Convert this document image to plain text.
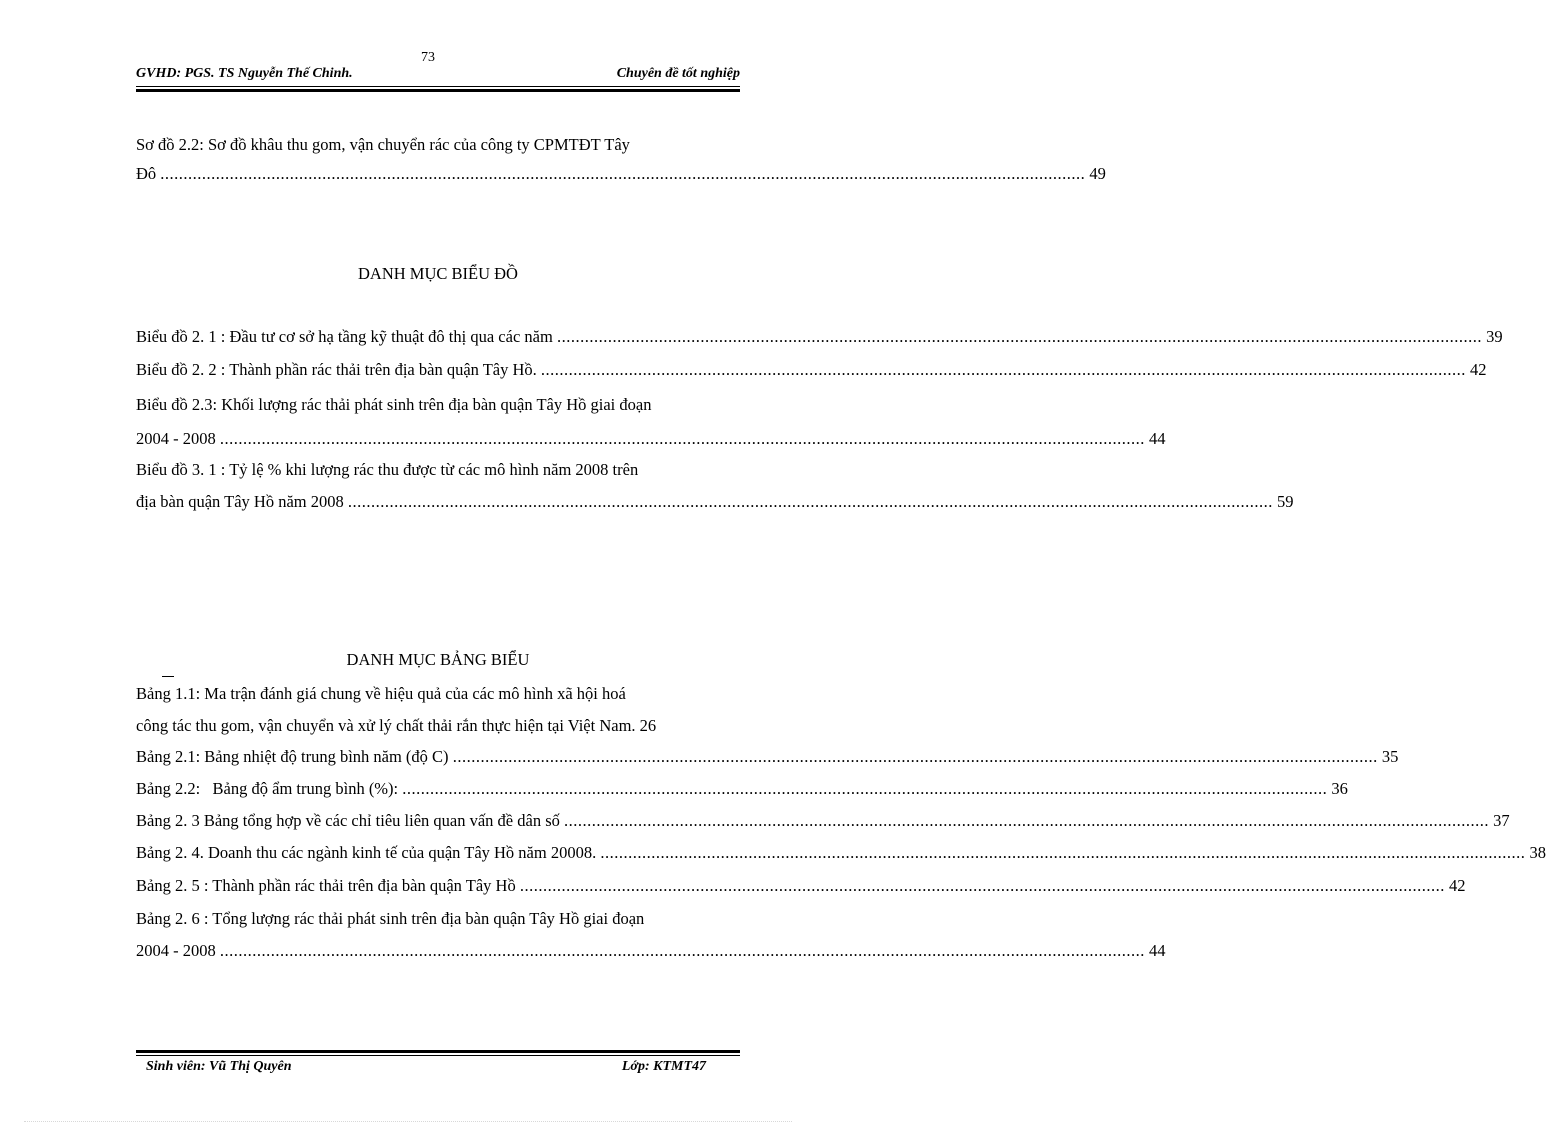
73
GVHD: PGS. TS Nguyễn Thế Chinh.	Chuyên đề tốt nghiệp
Sơ đồ 2.2: Sơ đồ khâu thu gom, vận chuyển rác của công ty CPMTĐT Tây
Đô ........................................................................................................................................................................................................ 49
DANH MỤC BIỂU ĐỒ
Biểu đồ 2. 1 : Đầu tư cơ sở hạ tầng kỹ thuật đô thị qua các năm ........................................................................................................................................................................................................ 39
Biểu đồ 2. 2 : Thành phần rác thải trên địa bàn quận Tây Hồ. ........................................................................................................................................................................................................ 42
Biểu đồ 2.3: Khối lượng rác thải phát sinh trên địa bàn quận Tây Hồ giai đoạn
2004 - 2008 ........................................................................................................................................................................................................ 44
Biểu đồ 3. 1 : Tỷ lệ % khi lượng rác thu được từ các mô hình năm 2008 trên
địa bàn quận Tây Hồ năm 2008 ........................................................................................................................................................................................................ 59
DANH MỤC BẢNG BIỂU
Bảng 1.1: Ma trận đánh giá chung về hiệu quả của các mô hình xã hội hoá
công tác thu gom, vận chuyển và xử lý chất thải rắn thực hiện tại Việt Nam. 26
Bảng 2.1: Bảng nhiệt độ trung bình năm (độ C) ........................................................................................................................................................................................................ 35
Bảng 2.2:   Bảng độ ẩm trung bình (%): ........................................................................................................................................................................................................ 36
Bảng 2. 3 Bảng tổng hợp về các chỉ tiêu liên quan vấn đề dân số ........................................................................................................................................................................................................ 37
Bảng 2. 4. Doanh thu các ngành kinh tế của quận Tây Hồ năm 20008. ........................................................................................................................................................................................................ 38
Bảng 2. 5 : Thành phần rác thải trên địa bàn quận Tây Hồ ........................................................................................................................................................................................................ 42
Bảng 2. 6 : Tổng lượng rác thải phát sinh trên địa bàn quận Tây Hồ giai đoạn
2004 - 2008 ........................................................................................................................................................................................................ 44
Sinh viên: Vũ Thị Quyên	Lớp: KTMT47
